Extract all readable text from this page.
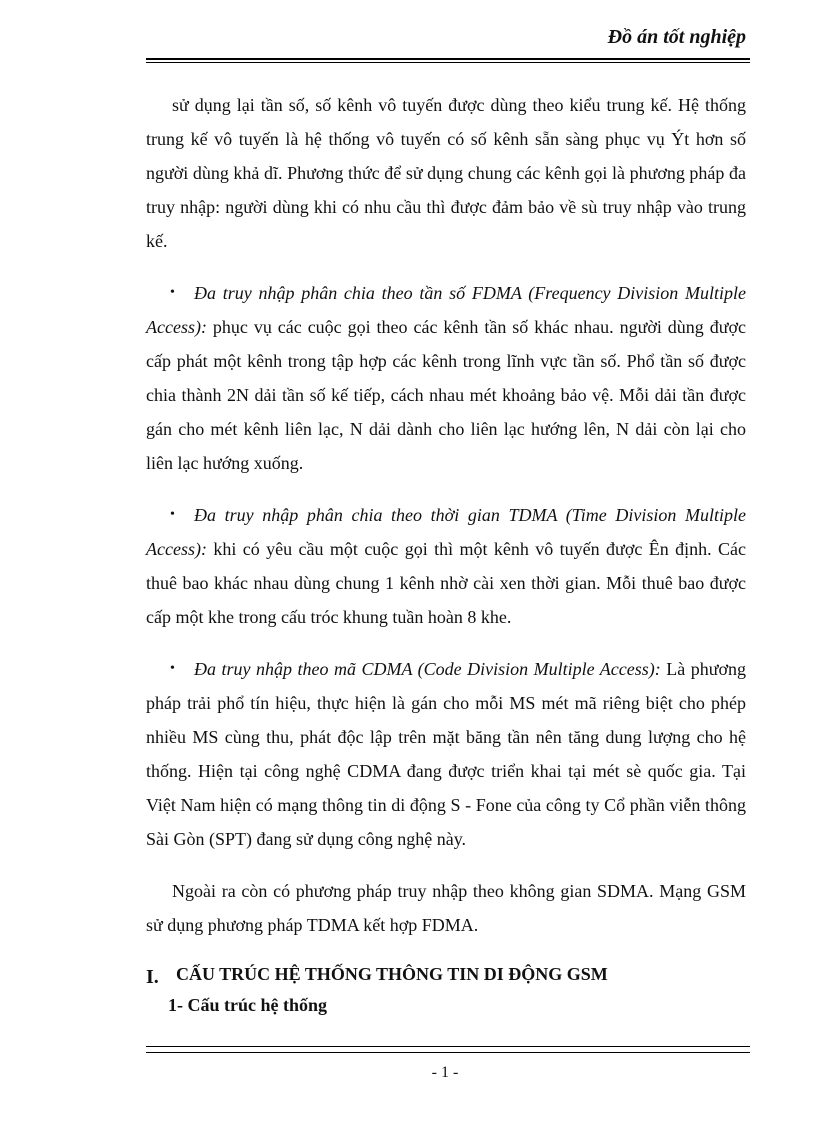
Đồ án tốt nghiệp

sử dụng lại tần số, số kênh vô tuyến được dùng theo kiểu trung kế. Hệ thống trung kế vô tuyến là hệ thống vô tuyến có số kênh sẵn sàng phục vụ Ýt hơn số người dùng khả dĩ. Phương thức để sử dụng chung các kênh gọi là phương pháp đa truy nhập: người dùng khi có nhu cầu thì được đảm bảo về sù truy nhập vào trung kế.

• Đa truy nhập phân chia theo tần số FDMA (Frequency Division Multiple Access): phục vụ các cuộc gọi theo các kênh tần số khác nhau. người dùng được cấp phát một kênh trong tập hợp các kênh trong lĩnh vực tần số. Phổ tần số được chia thành 2N dải tần số kế tiếp, cách nhau mét khoảng bảo vệ. Mỗi dải tần được gán cho mét kênh liên lạc, N dải dành cho liên lạc hướng lên, N dải còn lại cho liên lạc hướng xuống.
• Đa truy nhập phân chia theo thời gian TDMA (Time Division Multiple Access): khi có yêu cầu một cuộc gọi thì một kênh vô tuyến được Ên định. Các thuê bao khác nhau dùng chung 1 kênh nhờ cài xen thời gian. Mỗi thuê bao được cấp một khe trong cấu tróc khung tuần hoàn 8 khe.
• Đa truy nhập theo mã CDMA (Code Division Multiple Access): Là phương pháp trải phổ tín hiệu, thực hiện là gán cho mỗi MS mét mã riêng biệt cho phép nhiều MS cùng thu, phát độc lập trên mặt băng tần nên tăng dung lượng cho hệ thống. Hiện tại công nghệ CDMA đang được triển khai tại mét sè quốc gia. Tại Việt Nam hiện có mạng thông tin di động S - Fone của công ty Cổ phần viễn thông Sài Gòn (SPT) đang sử dụng công nghệ này.

Ngoài ra còn có phương pháp truy nhập theo không gian SDMA. Mạng GSM sử dụng phương pháp TDMA kết hợp FDMA.

I. CẤU TRÚC HỆ THỐNG THÔNG TIN DI ĐỘNG GSM
1- Cấu trúc hệ thống

- 1 -
